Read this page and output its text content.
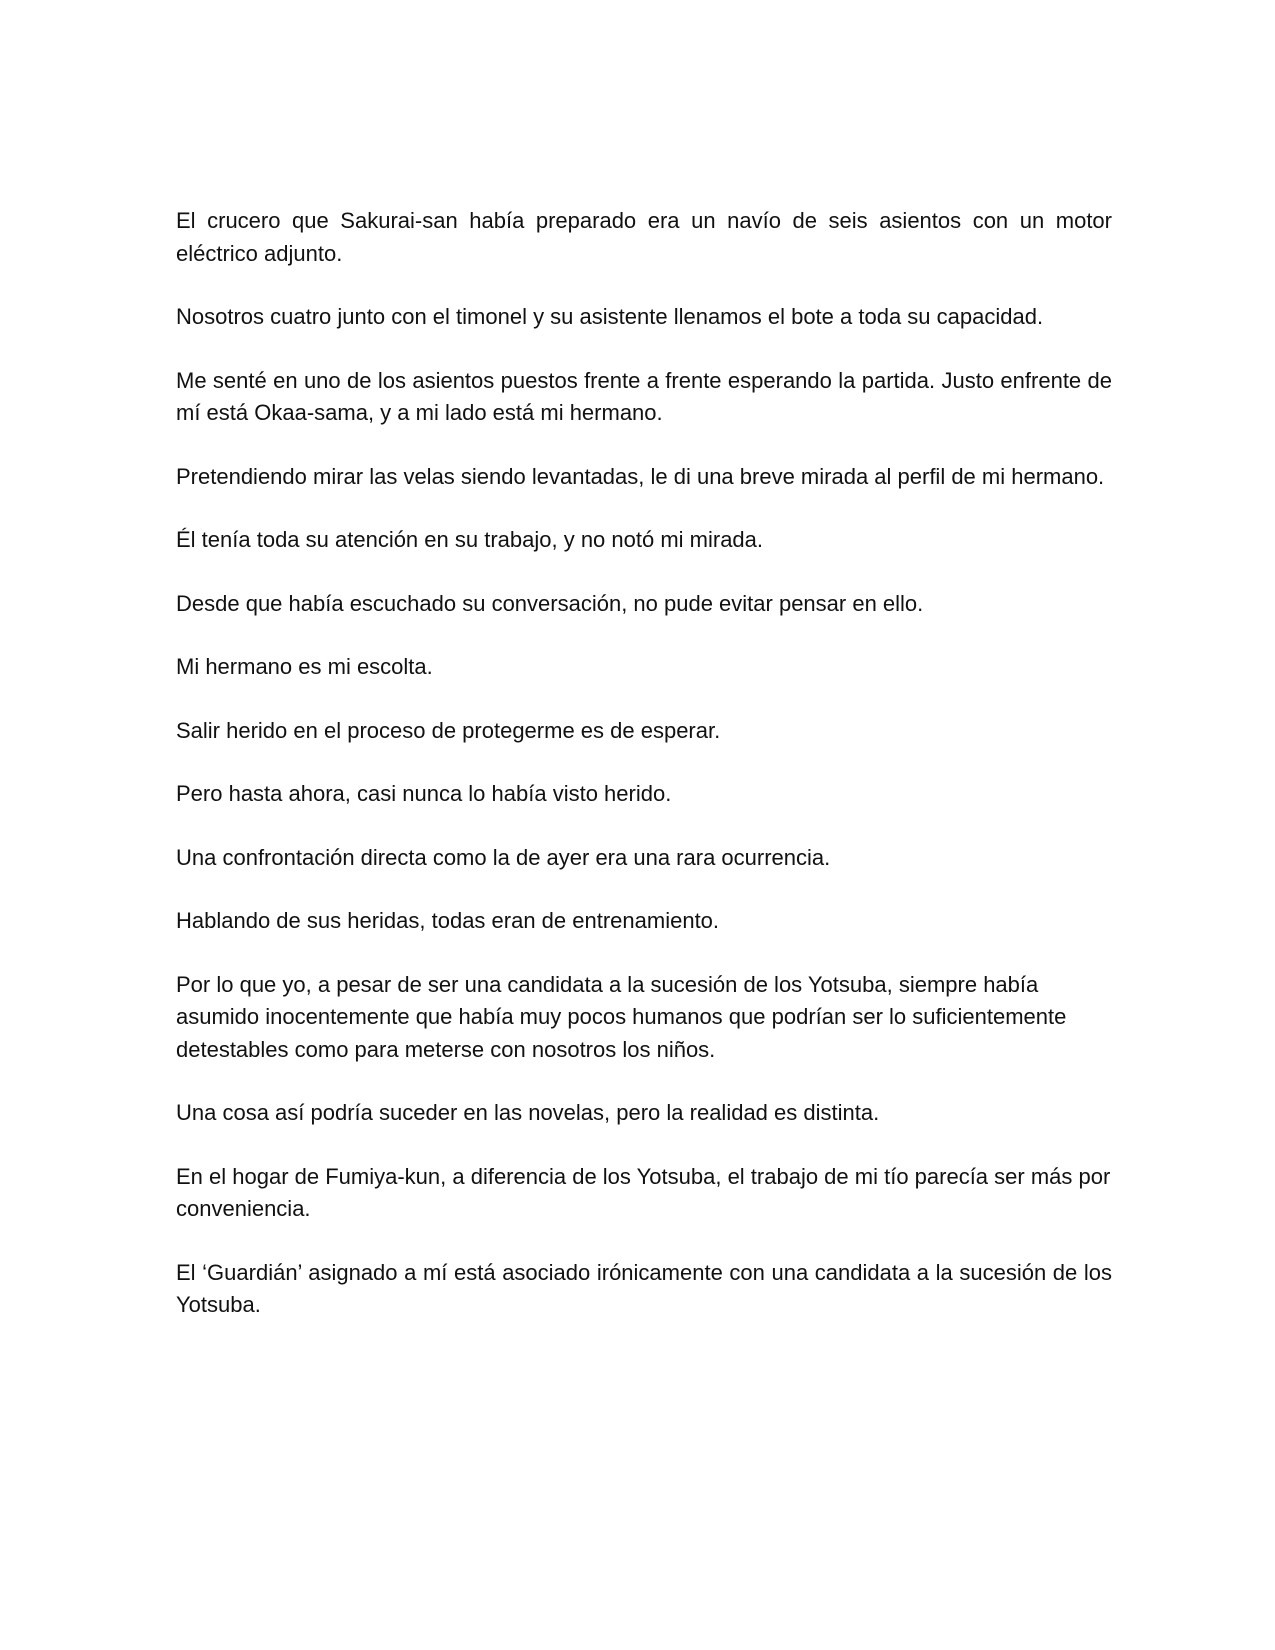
El crucero que Sakurai-san había preparado era un navío de seis asientos con un motor eléctrico adjunto.

Nosotros cuatro junto con el timonel y su asistente llenamos el bote a toda su capacidad.

Me senté en uno de los asientos puestos frente a frente esperando la partida. Justo enfrente de mí está Okaa-sama, y a mi lado está mi hermano.

Pretendiendo mirar las velas siendo levantadas, le di una breve mirada al perfil de mi hermano.

Él tenía toda su atención en su trabajo, y no notó mi mirada.

Desde que había escuchado su conversación, no pude evitar pensar en ello.

Mi hermano es mi escolta.

Salir herido en el proceso de protegerme es de esperar.

Pero hasta ahora, casi nunca lo había visto herido.

Una confrontación directa como la de ayer era una rara ocurrencia.

Hablando de sus heridas, todas eran de entrenamiento.

Por lo que yo, a pesar de ser una candidata a la sucesión de los Yotsuba, siempre había asumido inocentemente que había muy pocos humanos que podrían ser lo suficientemente detestables como para meterse con nosotros los niños.

Una cosa así podría suceder en las novelas, pero la realidad es distinta.

En el hogar de Fumiya-kun, a diferencia de los Yotsuba, el trabajo de mi tío parecía ser más por conveniencia.

El ‘Guardián’ asignado a mí está asociado irónicamente con una candidata a la sucesión de los Yotsuba.
